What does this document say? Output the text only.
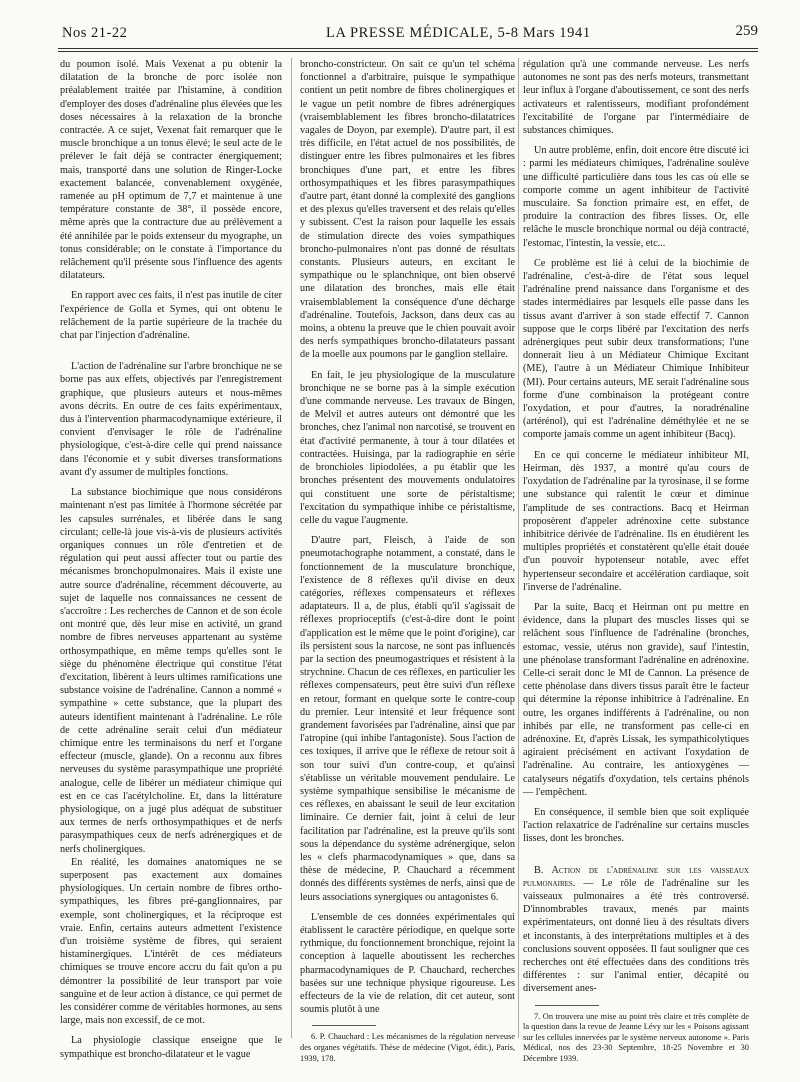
Nos 21-22	LA PRESSE MÉDICALE, 5-8 Mars 1941	259

du poumon isolé. Mais Vexenat a pu obtenir la dilatation de la bronche de porc isolée non préalablement traitée par l'histamine, à condition d'employer des doses d'adrénaline plus élevées que les doses nécessaires à la relaxation de la bronche contractée. A ce sujet, Vexenat fait remarquer que le muscle bronchique a un tonus élevé; le seul acte de le prélever le fait déjà se contracter énergiquement; mais, transporté dans une solution de Ringer-Locke exactement balancée, convenablement oxygénée, ramenée au pH optimum de 7,7 et maintenue à une température constante de 38°, il possède encore, même après que la contracture due au prélèvement a été annihilée par le poids extenseur du myographe, un tonus considérable; on le constate à l'importance du relâchement qu'il présente sous l'influence des agents dilatateurs.

En rapport avec ces faits, il n'est pas inutile de citer l'expérience de Golla et Symes, qui ont obtenu le relâchement de la partie supérieure de la trachée du chat par l'injection d'adrénaline.

L'action de l'adrénaline sur l'arbre bronchique ne se borne pas aux effets, objectivés par l'enregistrement graphique, que plusieurs auteurs et nous-mêmes avons décrits. En outre de ces faits expérimentaux, dus à l'intervention pharmacodynamique extérieure, il convient d'envisager le rôle de l'adrénaline physiologique, c'est-à-dire celle qui prend naissance dans l'économie et y subit diverses transformations avant d'y assumer de multiples fonctions.

La substance biochimique que nous considérons maintenant n'est pas limitée à l'hormone sécrétée par les capsules surrénales, et libérée dans le sang circulant; celle-là joue vis-à-vis de plusieurs activités organiques connues un rôle d'entretien et de régulation qui peut aussi affecter tout ou partie des mécanismes bronchopulmonaires. Mais il existe une autre source d'adrénaline, récemment découverte, au sujet de laquelle nos connaissances ne cessent de s'accroître : Les recherches de Cannon et de son école ont montré que, dès leur mise en activité, un grand nombre de fibres nerveuses appartenant au système orthosympathique, en même temps qu'elles sont le siège du phénomène électrique qui constitue l'état d'excitation, libèrent à leurs ultimes ramifications une substance voisine de l'adrénaline. Cannon a nommé « sympathine » cette substance, que la plupart des auteurs identifient maintenant à l'adrénaline. Le rôle de cette adrénaline serait celui d'un médiateur chimique entre les terminaisons du nerf et l'organe effecteur (muscle, glande). On a reconnu aux fibres nerveuses du système parasympathique une propriété analogue, celle de libérer un médiateur chimique qui est en ce cas l'acétylcholine. Et, dans la littérature physiologique, on a jugé plus adéquat de substituer aux termes de nerfs orthosympathiques et de nerfs parasympathiques ceux de nerfs adrénergiques et de nerfs cholinergiques.

En réalité, les domaines anatomiques ne se superposent pas exactement aux domaines physiologiques. Un certain nombre de fibres ortho-sympathiques, les fibres pré-ganglionnaires, par exemple, sont cholinergiques, et la réciproque est vraie. Enfin, certains auteurs admettent l'existence d'un troisième système de fibres, qui seraient histaminergiques. L'intérêt de ces médiateurs chimiques se trouve encore accru du fait qu'on a pu démontrer la possibilité de leur transport par voie sanguine et de leur action à distance, ce qui permet de les considérer comme de véritables hormones, au sens large, mais non excessif, de ce mot.

La physiologie classique enseigne que le sympathique est broncho-dilatateur et le vague

broncho-constricteur. On sait ce qu'un tel schéma fonctionnel a d'arbitraire, puisque le sympathique contient un petit nombre de fibres cholinergiques et le vague un petit nombre de fibres adrénergiques (vraisemblablement les fibres broncho-dilatatrices vagales de Doyon, par exemple). D'autre part, il est très difficile, en l'état actuel de nos possibilités, de distinguer entre les fibres pulmonaires et les fibres bronchiques d'une part, et entre les fibres orthosympathiques et les fibres parasympathiques d'autre part, étant donné la complexité des ganglions et des plexus qu'elles traversent et des relais qu'elles y subissent. C'est la raison pour laquelle les essais de stimulation directe des voies sympathiques broncho-pulmonaires n'ont pas donné de résultats constants. Plusieurs auteurs, en excitant le sympathique ou le splanchnique, ont bien observé une dilatation des bronches, mais elle était vraisemblablement la conséquence d'une décharge d'adrénaline. Toutefois, Jackson, dans deux cas au moins, a obtenu la preuve que le chien pouvait avoir des nerfs sympathiques broncho-dilatateurs passant de la moelle aux poumons par le ganglion stellaire.

En fait, le jeu physiologique de la musculature bronchique ne se borne pas à la simple exécution d'une commande nerveuse. Les travaux de Bingen, de Melvil et autres auteurs ont démontré que les bronches, chez l'animal non narcotisé, se trouvent en état d'activité permanente, à tour à tour dilatées et contractées. Huisinga, par la radiographie en série de bronchioles lipiodolées, a pu établir que les bronches présentent des mouvements ondulatoires qui constituent une sorte de péristaltisme; l'excitation du sympathique inhibe ce péristaltisme, celle du vague l'augmente.

D'autre part, Fleisch, à l'aide de son pneumotachographe notamment, a constaté, dans le fonctionnement de la musculature bronchique, l'existence de 8 réflexes qu'il divise en deux catégories, réflexes compensateurs et réflexes adaptateurs. Il a, de plus, établi qu'il s'agissait de réflexes proprioceptifs (c'est-à-dire dont le point d'application est le même que le point d'origine), car ils persistent sous la narcose, ne sont pas influencés par la section des pneumogastriques et résistent à la strychnine. Chacun de ces réflexes, en particulier les réflexes compensateurs, peut être suivi d'un réflexe en retour, formant en quelque sorte le contre-coup du premier. Leur intensité et leur fréquence sont grandement favorisées par l'adrénaline, ainsi que par l'atropine (qui inhibe l'antagoniste). Sous l'action de ces toxiques, il arrive que le réflexe de retour soit à son tour suivi d'un contre-coup, et qu'ainsi s'établisse un véritable mouvement pendulaire. Le système sympathique sensibilise le mécanisme de ces réflexes, en abaissant le seuil de leur excitation liminaire. Ce dernier fait, joint à celui de leur facilitation par l'adrénaline, est la preuve qu'ils sont sous la dépendance du système adrénergique, selon les « clefs pharmacodynamiques » que, dans sa thèse de médecine, P. Chauchard a récemment donnés des différents systèmes de nerfs, ainsi que de leurs associations synergiques ou antagonistes 6.

L'ensemble de ces données expérimentales qui établissent le caractère périodique, en quelque sorte rythmique, du fonctionnement bronchique, rejoint la conception à laquelle aboutissent les recherches pharmacodynamiques de P. Chauchard, recherches basées sur une technique physique rigoureuse. Les effecteurs de la vie de relation, dit cet auteur, sont soumis plutôt à une

6. P. Chauchard : Les mécanismes de la régulation nerveuse des organes végétatifs. Thèse de médecine (Vigot, édit.), Paris, 1939, 178.

régulation qu'à une commande nerveuse. Les nerfs autonomes ne sont pas des nerfs moteurs, transmettant leur influx à l'organe d'aboutissement, ce sont des nerfs activateurs et ralentisseurs, modifiant profondément l'excitabilité de l'organe par l'intermédiaire de substances chimiques.

Un autre problème, enfin, doit encore être discuté ici : parmi les médiateurs chimiques, l'adrénaline soulève une difficulté particulière dans tous les cas où elle se comporte comme un agent inhibiteur de l'activité musculaire. Sa fonction primaire est, en effet, de produire la contraction des fibres lisses. Or, elle relâche le muscle bronchique normal ou déjà contracté, l'estomac, l'intestin, la vessie, etc...

Ce problème est lié à celui de la biochimie de l'adrénaline, c'est-à-dire de l'état sous lequel l'adrénaline prend naissance dans l'organisme et des stades intermédiaires par lesquels elle passe dans les tissus avant d'arriver à son stade effectif 7. Cannon suppose que le corps libéré par l'excitation des nerfs adrénergiques peut subir deux transformations; l'une donnerait lieu à un Médiateur Chimique Excitant (ME), l'autre à un Médiateur Chimique Inhibiteur (MI). Pour certains auteurs, ME serait l'adrénaline sous forme d'une combinaison la protégeant contre l'oxydation, et pour d'autres, la noradrénaline (artérénol), qui est l'adrénaline déméthylée et ne se comporte jamais comme un agent inhibiteur (Bacq).

En ce qui concerne le médiateur inhibiteur MI, Heirman, dès 1937, a montré qu'au cours de l'oxydation de l'adrénaline par la tyrosinase, il se forme une substance qui ralentit le cœur et diminue l'amplitude de ses contractions. Bacq et Heirman proposèrent d'appeler adrénoxine cette substance inhibitrice dérivée de l'adrénaline. Ils en étudièrent les multiples propriétés et constatèrent qu'elle était douée d'un pouvoir hypotenseur notable, avec effet hypertenseur secondaire et accélération cardiaque, soit l'inverse de l'adrénaline.

Par la suite, Bacq et Heirman ont pu mettre en évidence, dans la plupart des muscles lisses qui se relâchent sous l'influence de l'adrénaline (bronches, estomac, vessie, utérus non gravide), sauf l'intestin, une phénolase transformant l'adrénaline en adrénoxine. Celle-ci serait donc le MI de Cannon. La présence de cette phénolase dans divers tissus paraît être le facteur qui détermine la réponse inhibitrice à l'adrénaline. En outre, les organes indifférents à l'adrénaline, ou non inhibés par elle, ne transforment pas celle-ci en adrénoxine. Et, d'après Lissak, les sympathicolytiques agiraient précisément en activant l'oxydation de l'adrénaline. Au contraire, les antioxygènes — catalyseurs négatifs d'oxydation, tels certains phénols — l'empêchent.

En conséquence, il semble bien que soit expliquée l'action relaxatrice de l'adrénaline sur certains muscles lisses, dont les bronches.

B. Action de l'adrénaline sur les vaisseaux pulmonaires. — Le rôle de l'adrénaline sur les vaisseaux pulmonaires a été très controversé. D'innombrables travaux, menés par maints expérimentateurs, ont donné lieu à des résultats divers et inconstants, à des interprétations multiples et à des conclusions souvent opposées. Il faut souligner que ces recherches ont été effectuées dans des conditions très différentes : sur l'animal entier, décapité ou diversement anes-

7. On trouvera une mise au point très claire et très complète de la question dans la revue de Jeanne Lévy sur les « Poisons agissant sur les cellules innervées par le système nerveux autonome ». Paris Médical, nos des 23-30 Septembre, 18-25 Novembre et 30 Décembre 1939.
